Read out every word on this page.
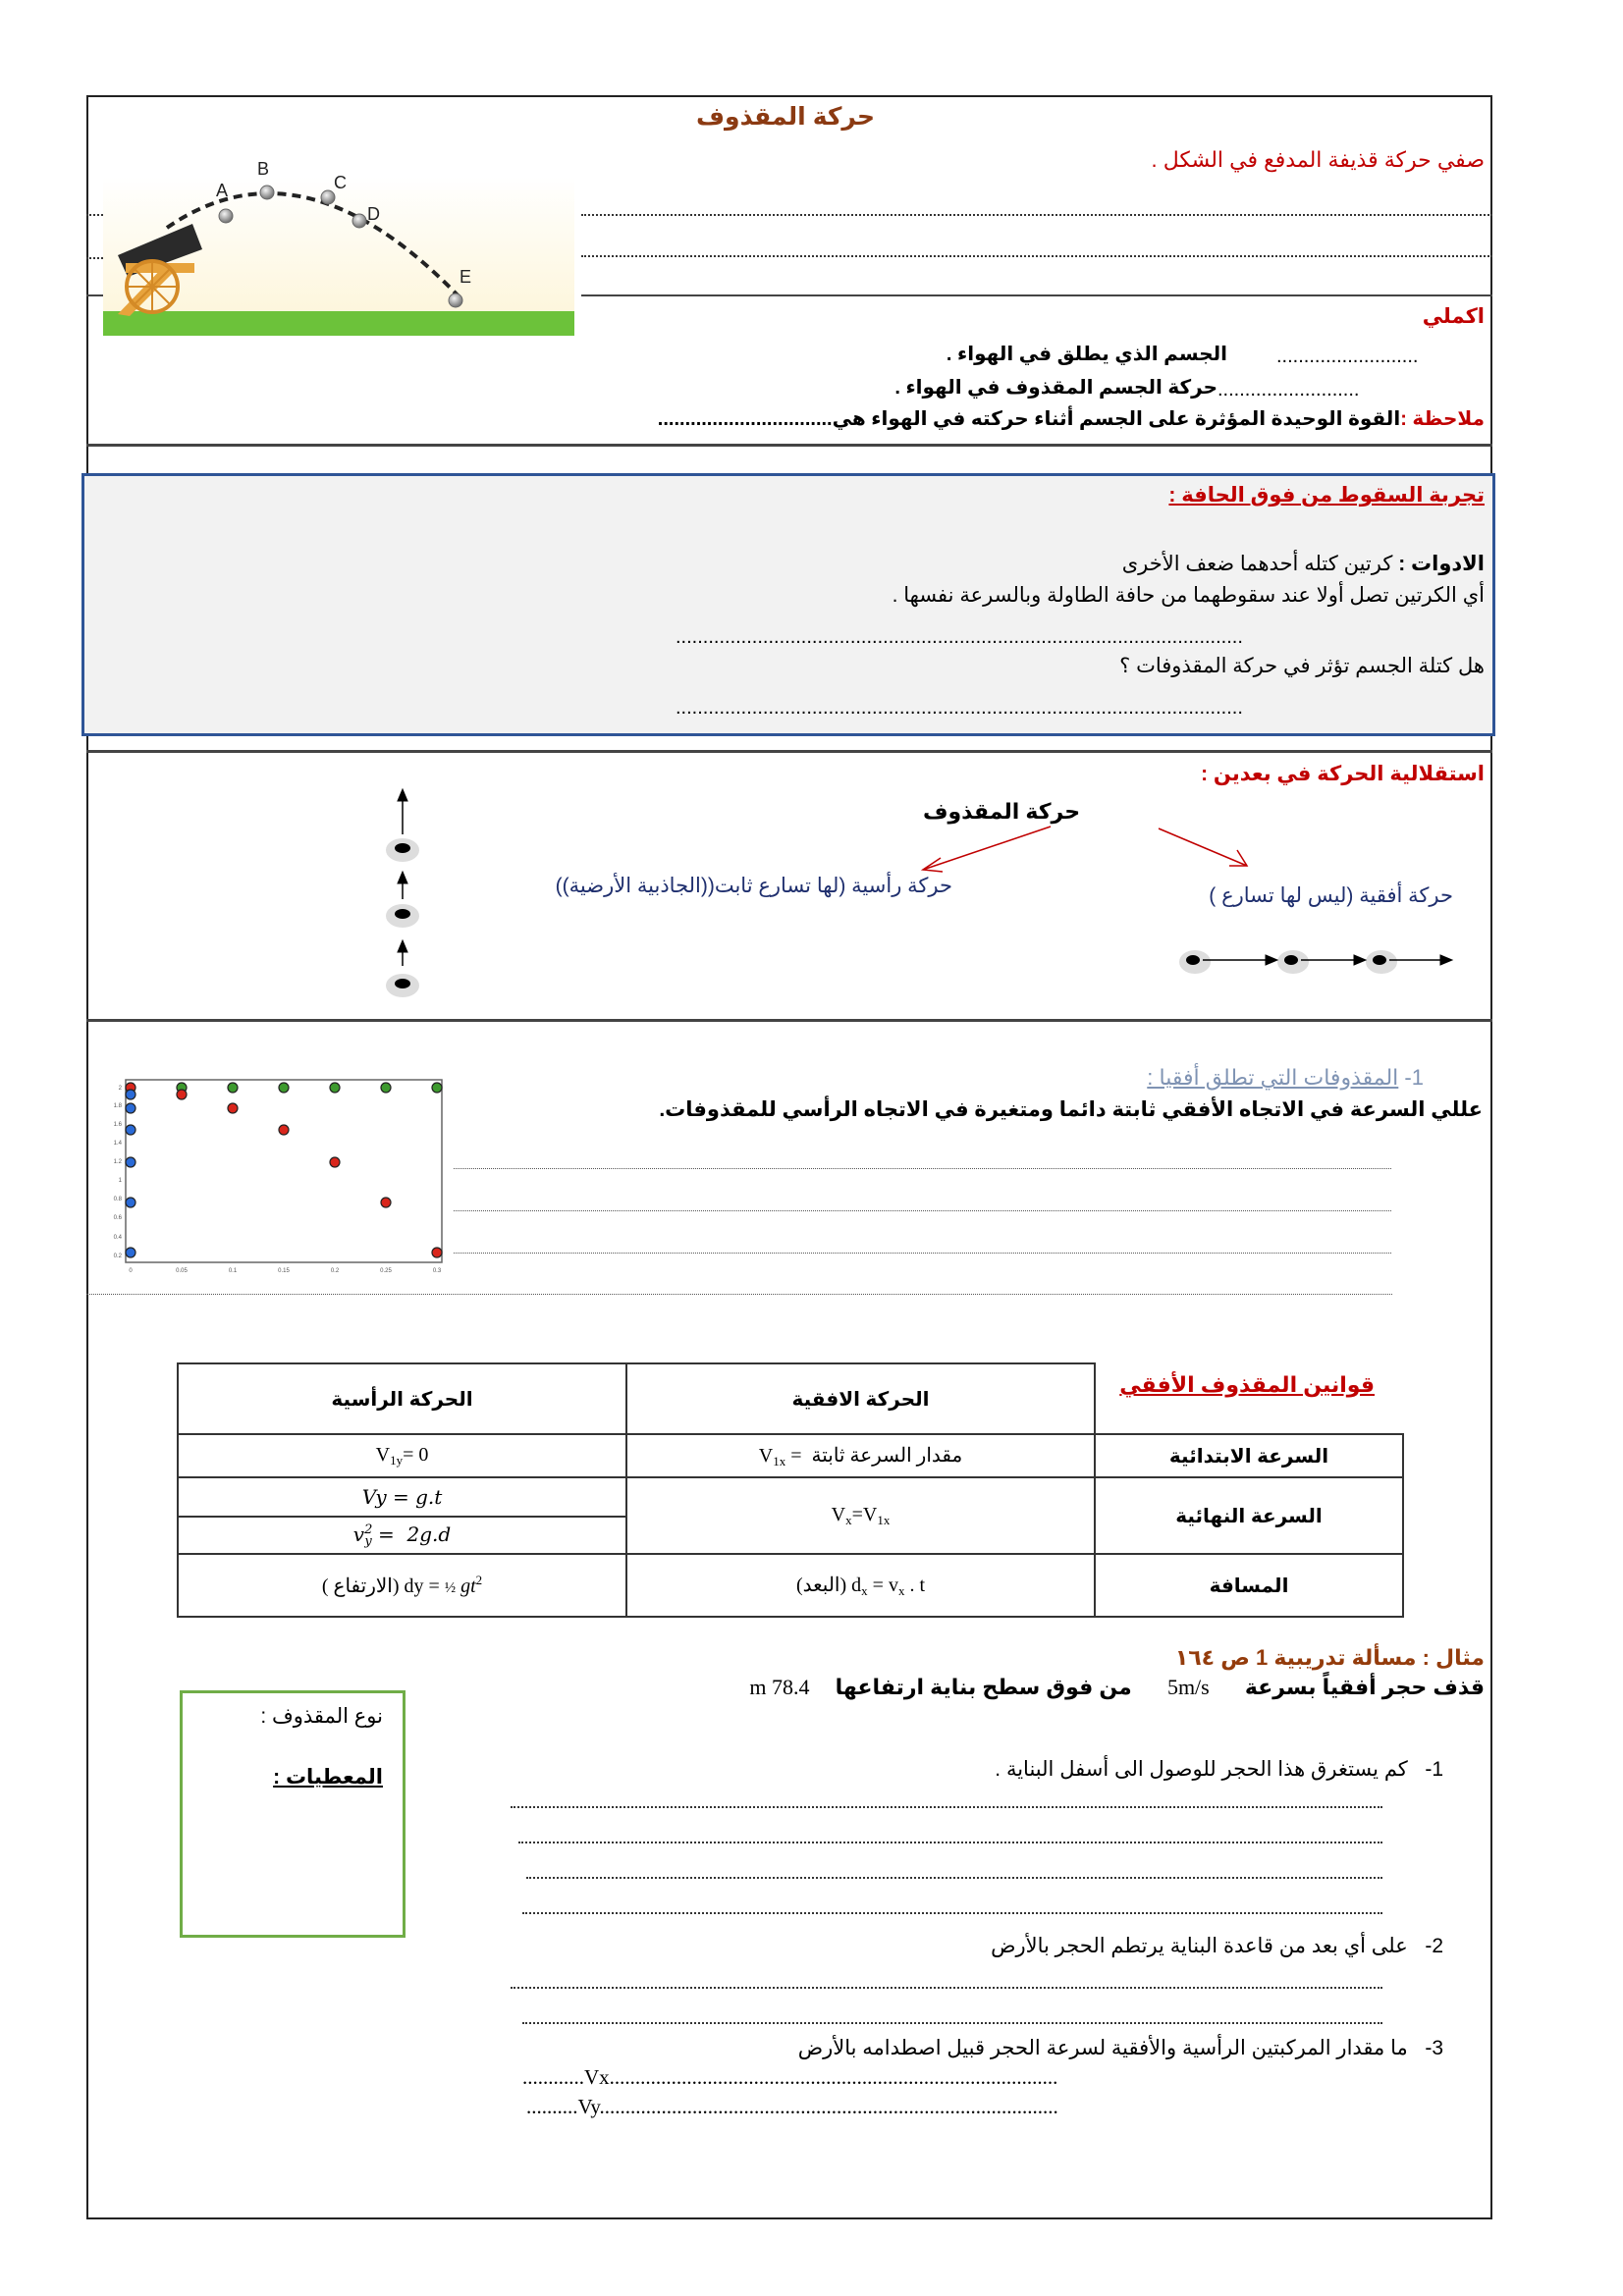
حركة المقذوف
صفي حركة قذيفة المدفع في الشكل .
A
B
C
D
E
اكملي
الجسم الذي يطلق في الهواء .	..........................
حركة الجسم المقذوف في الهواء . ..........................
ملاحظة :القوة الوحيدة المؤثرة على الجسم أثناء حركته في الهواء هي................................
تجربة السقوط من فوق الحافة :
الادوات : كرتين كتله أحدهما ضعف الأخرى
أي الكرتين تصل أولا عند سقوطهما من حافة الطاولة وبالسرعة نفسها .
........................................................................................................
هل كتلة الجسم تؤثر في حركة المقذوفات ؟
........................................................................................................
استقلالية الحركة في بعدين :
حركة المقذوف
حركة رأسية (لها تسارع ثابت((الجاذبية الأرضية))	حركة أفقية (ليس لها تسارع )
1- المقذوفات التي تطلق أفقيا :
عللي السرعة في الاتجاه الأفقي ثابتة دائما ومتغيرة في الاتجاه الرأسي للمقذوفات.
2
1.8
1.6
1.4
1.2
1
0.8
0.6
0.4
0.2
0	0.05	0.1	0.15	0.2	0.25	0.3
قوانين المقذوف الأفقي
الحركة الرأسية	الحركة الافقية	
$V_{1y}= 0$	$V_{1x}$ =  مقدار السرعة ثابتة	السرعة الابتدائية
Vy = g.t	$V_x=V_{1x}$	السرعة النهائية
$v^2_y = 2g.d$		
( الارتفاع) dy = ½ $gt^2$	(البعد) $d_x = v_x$ . t	المسافة
مثال : مسألة تدريبية 1 ص ١٦٤
قذف حجر أفقياً بسرعة 5m/s من فوق سطح بناية ارتفاعها 78.4 m
نوع المقذوف :
المعطيات :	1-   كم يستغرق هذا الحجر للوصول الى أسفل البناية .
2-   على أي بعد من قاعدة البناية يرتطم الحجر بالأرض
3-   ما مقدار المركبتين الرأسية والأفقية لسرعة الحجر قبيل اصطدامه بالأرض
............Vx.......................................................................................
..........Vy.........................................................................................
